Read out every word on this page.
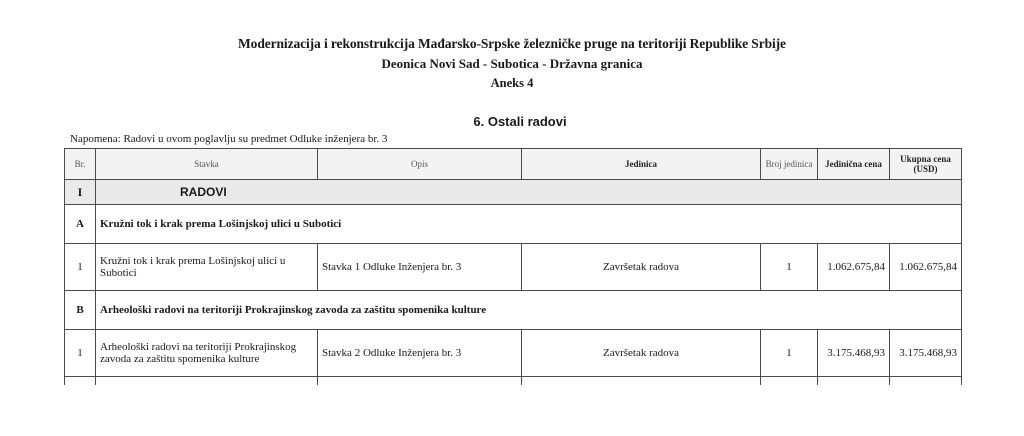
Modernizacija i rekonstrukcija Mađarsko-Srpske železničke pruge na teritoriji Republike Srbije
Deonica Novi Sad - Subotica - Državna granica
Aneks 4
6. Ostali radovi
Napomena: Radovi u ovom poglavlju su predmet Odluke inženjera br. 3
Br.	Stavka	Opis	Jedinica	Broj jedinica	Jedinična cena	Ukupna cena (USD)
I	RADOVI					
A	Kružni tok i krak prema Lošinjskoj ulici u Subotici					
1	Kružni tok i krak prema Lošinjskoj ulici u Subotici	Stavka 1 Odluke Inženjera br. 3	Završetak radova	1	1.062.675,84	1.062.675,84
B	Arheološki radovi na teritoriji Prokrajinskog zavoda za zaštitu spomenika kulture					
1	Arheološki radovi na teritoriji Prokrajinskog zavoda za zaštitu spomenika kulture	Stavka 2 Odluke Inženjera br. 3	Završetak radova	1	3.175.468,93	3.175.468,93
